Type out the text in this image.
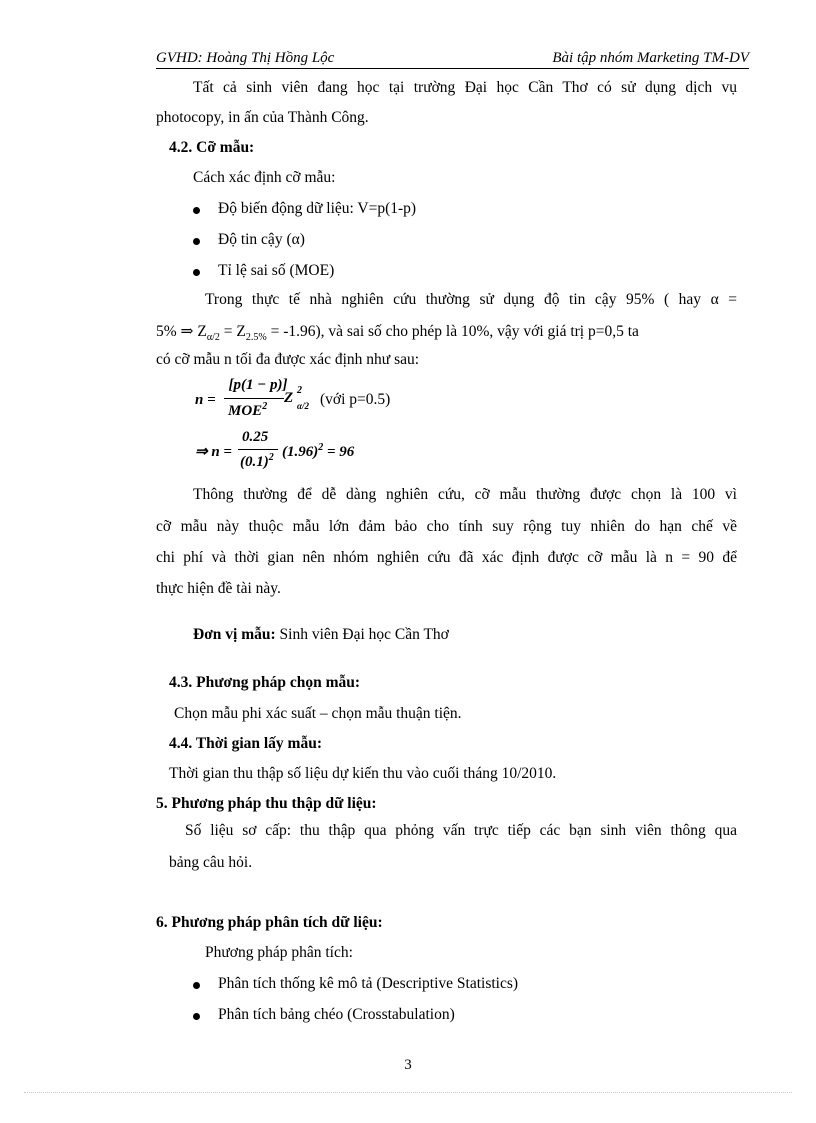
GVHD: Hoàng Thị Hồng Lộc	Bài tập nhóm Marketing TM-DV
Tất cả sinh viên đang học tại trường Đại học Cần Thơ có sử dụng dịch vụ
photocopy, in ấn của Thành Công.
4.2. Cỡ mẫu:
Cách xác định cỡ mẫu:
Độ biến động dữ liệu: V=p(1-p)
Độ tin cậy (α)
Tỉ lệ sai số (MOE)
Trong thực tế nhà nghiên cứu thường sử dụng độ tin cậy 95% ( hay α =
5% ⇒ $Z_{\alpha/2} = Z_{2.5\%} = -1.96$), và sai số cho phép là 10%, vậy với giá trị p=0,5 ta
có cỡ mẫu n tối đa được xác định như sau:
n =
[p(1 − p)]
MOE$^2$
Z 2
α/2 (với p=0.5)
⇒ n =
0.25
$(0.1)^2$ $(1.96)^2 = 96$
Thông thường để dễ dàng nghiên cứu, cỡ mẫu thường được chọn là 100 vì
cỡ mẫu này thuộc mẫu lớn đảm bảo cho tính suy rộng tuy nhiên do hạn chế về
chi phí và thời gian nên nhóm nghiên cứu đã xác định được cỡ mẫu là n = 90 để
thực hiện đề tài này.
Đơn vị mẫu: Sinh viên Đại học Cần Thơ
4.3. Phương pháp chọn mẫu:
Chọn mẫu phi xác suất – chọn mẫu thuận tiện.
4.4. Thời gian lấy mẫu:
Thời gian thu thập số liệu dự kiến thu vào cuối tháng 10/2010.
5. Phương pháp thu thập dữ liệu:
Số liệu sơ cấp: thu thập qua phỏng vấn trực tiếp các bạn sinh viên thông qua
bảng câu hỏi.
6. Phương pháp phân tích dữ liệu:
Phương pháp phân tích:
Phân tích thống kê mô tả (Descriptive Statistics)
Phân tích bảng chéo (Crosstabulation)
3
